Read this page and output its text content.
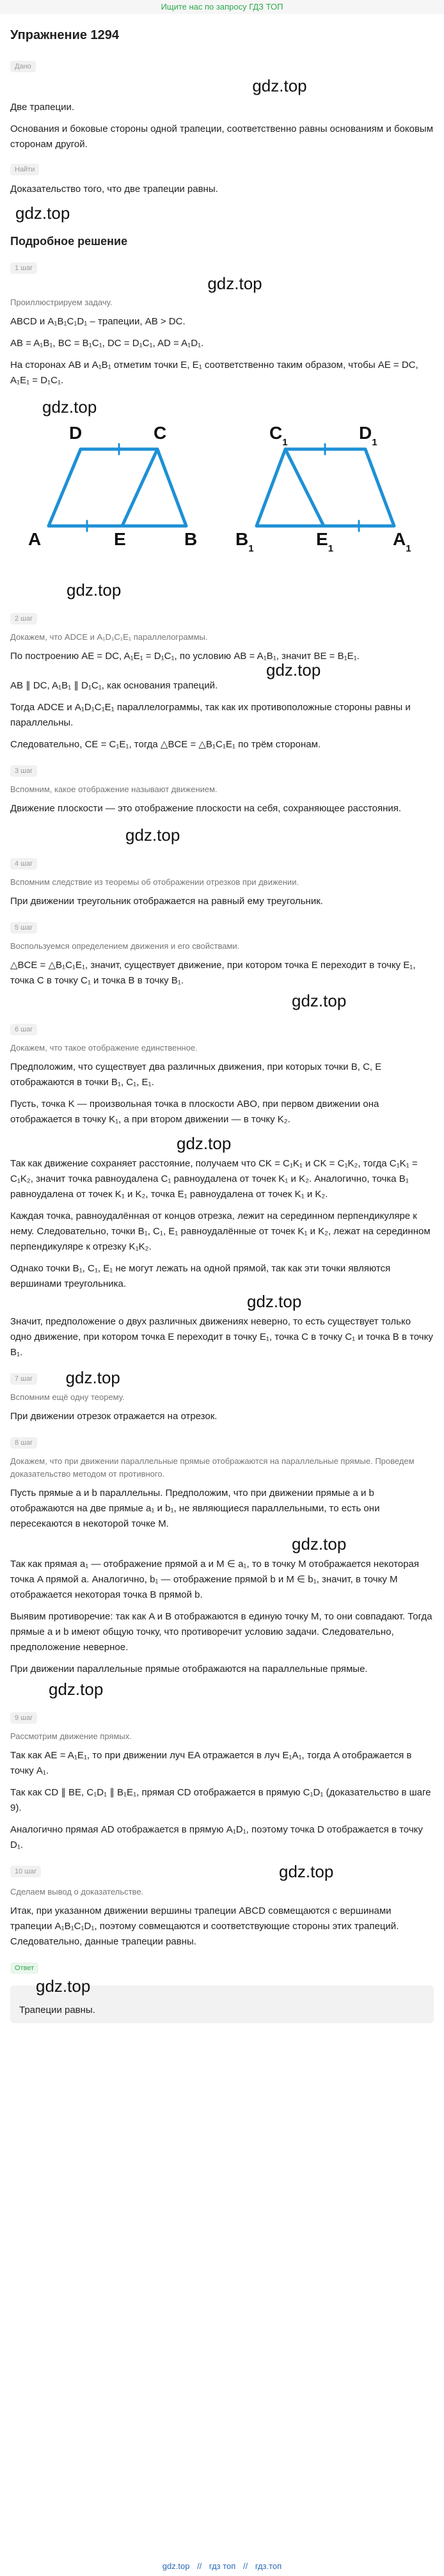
Ищите нас по запросу ГДЗ ТОП
Упражнение 1294
Дано

gdz.top

Две трапеции.

Основания и боковые стороны одной трапеции, соответственно равны основаниям и боковым сторонам другой.

Найти

Доказательство того, что две трапеции равны.

gdz.top

Подробное решение
1 шаг

gdz.top

Проиллюстрируем задачу.

ABCD и A₁B₁C₁D₁ – трапеции, AB > DC.

AB = A₁B₁, BC = B₁C₁, DC = D₁C₁, AD = A₁D₁.

На сторонах AB и A₁B₁ отметим точки E, E₁ соответственно таким образом, чтобы AE = DC, A₁E₁ = D₁C₁.

gdz.top

D	C
A	E	B
$C_1$	$D_1$
$B_1$	$E_1$	$A_1$

gdz.top

2 шаг

Докажем, что ADCE и A₁D₁C₁E₁ параллелограммы.

По построению AE = DC, A₁E₁ = D₁C₁, по условию AB = A₁B₁, значит BE = B₁E₁.

gdz.top

AB ∥ DC, A₁B₁ ∥ D₁C₁, как основания трапеций.

Тогда ADCE и A₁D₁C₁E₁ параллелограммы, так как их противоположные стороны равны и параллельны.

Следовательно, CE = C₁E₁, тогда △BCE = △B₁C₁E₁ по трём сторонам.

3 шаг

Вспомним, какое отображение называют движением.

Движение плоскости — это отображение плоскости на себя, сохраняющее расстояния.

gdz.top

4 шаг

Вспомним следствие из теоремы об отображении отрезков при движении.

При движении треугольник отображается на равный ему треугольник.

5 шаг

Воспользуемся определением движения и его свойствами.

△BCE = △B₁C₁E₁, значит, существует движение, при котором точка E переходит в точку E₁, точка C в точку C₁ и точка B в точку B₁.

gdz.top

6 шаг

Докажем, что такое отображение единственное.

Предположим, что существует два различных движения, при которых точки B, C, E отображаются в точки B₁, C₁, E₁.

Пусть, точка K — произвольная точка в плоскости ABO, при первом движении она отображается в точку K₁, а при втором движении — в точку K₂.

gdz.top

Так как движение сохраняет расстояние, получаем что CK = C₁K₁ и CK = C₁K₂, тогда C₁K₁ = C₁K₂, значит точка равноудалена C₁ равноудалена от точек K₁ и K₂. Аналогично, точка B₁ равноудалена от точек K₁ и K₂, точка E₁ равноудалена от точек K₁ и K₂.

Каждая точка, равноудалённая от концов отрезка, лежит на серединном перпендикуляре к нему. Следовательно, точки B₁, C₁, E₁ равноудалённые от точек K₁ и K₂, лежат на серединном перпендикуляре к отрезку K₁K₂.

Однако точки B₁, C₁, E₁ не могут лежать на одной прямой, так как эти точки являются вершинами треугольника.

gdz.top

Значит, предположение о двух различных движениях неверно, то есть существует только одно движение, при котором точка E переходит в точку E₁, точка C в точку C₁ и точка B в точку B₁.

7 шаг gdz.top

Вспомним ещё одну теорему.

При движении отрезок отражается на отрезок.

8 шаг

Докажем, что при движении параллельные прямые отображаются на параллельные прямые. Проведем доказательство методом от противного.

Пусть прямые a и b параллельны. Предположим, что при движении прямые a и b отображаются на две прямые a₁ и b₁, не являющиеся параллельными, то есть они пересекаются в некоторой точке M.

gdz.top

Так как прямая a₁ — отображение прямой a и M ∈ a₁, то в точку M отображается некоторая точка A прямой a. Аналогично, b₁ — отображение прямой b и M ∈ b₁, значит, в точку M отображается некоторая точка B прямой b.

Выявим противоречие: так как A и B отображаются в единую точку M, то они совпадают. Тогда прямые a и b имеют общую точку, что противоречит условию задачи. Следовательно, предположение неверное.

При движении параллельные прямые отображаются на параллельные прямые.

gdz.top

9 шаг

Рассмотрим движение прямых.

Так как AE = A₁E₁, то при движении луч EA отражается в луч E₁A₁, тогда A отображается в точку A₁.

Так как CD ∥ BE, C₁D₁ ∥ B₁E₁, прямая CD отображается в прямую C₁D₁ (доказательство в шаге 9).

Аналогично прямая AD отображается в прямую A₁D₁, поэтому точка D отображается в точку D₁.

10 шаг	gdz.top

Сделаем вывод о доказательстве.

Итак, при указанном движении вершины трапеции ABCD совмещаются с вершинами трапеции A₁B₁C₁D₁, поэтому совмещаются и соответствующие стороны этих трапеций. Следовательно, данные трапеции равны.

Ответ

gdz.top

Трапеции равны.
gdz.top // гдз топ // гдз.топ
